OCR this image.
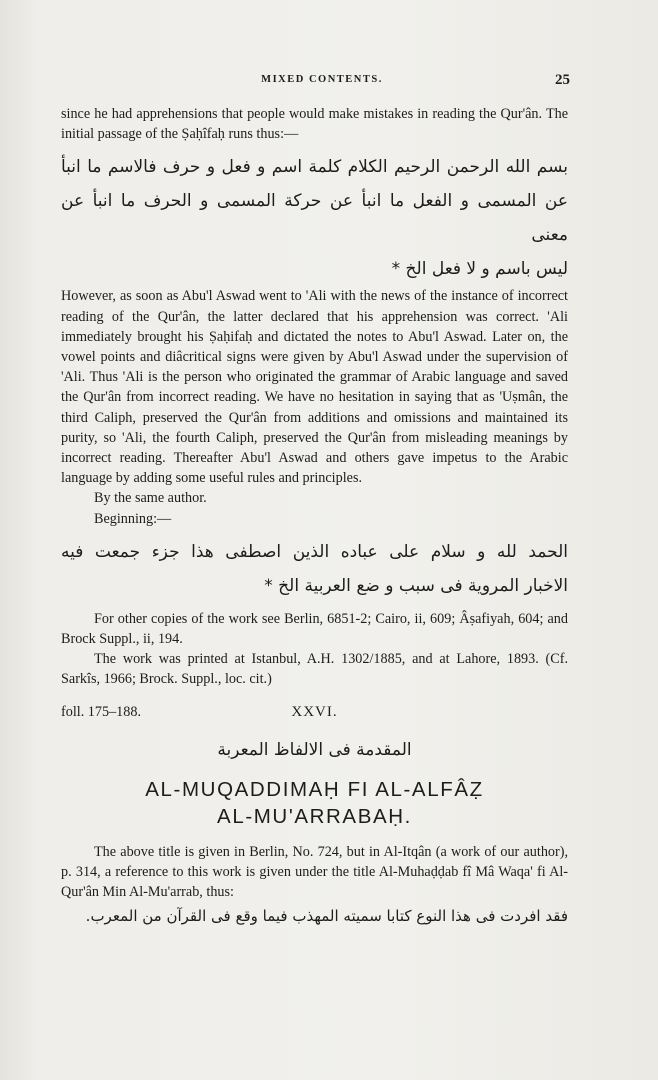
MIXED CONTENTS.	25

since he had apprehensions that people would make mistakes in reading the Qur'ân. The initial passage of the Ṣaḥîfaḥ runs thus:—

بسم الله الرحمن الرحيم الكلام كلمة اسم و فعل و حرف فالاسم ما انبأ

عن المسمى و الفعل ما انبأ عن حركة المسمى و الحرف ما انبأ عن معنى

ليس باسم و لا فعل الخ *

However, as soon as Abu'l Aswad went to 'Ali with the news of the instance of incorrect reading of the Qur'ân, the latter declared that his apprehension was correct. 'Ali immediately brought his Ṣaḥifaḥ and dictated the notes to Abu'l Aswad. Later on, the vowel points and diâcritical signs were given by Abu'l Aswad under the supervision of 'Ali. Thus 'Ali is the person who originated the grammar of Arabic language and saved the Qur'ân from incorrect reading. We have no hesitation in saying that as 'Uṣmân, the third Caliph, preserved the Qur'ân from additions and omissions and maintained its purity, so 'Ali, the fourth Caliph, preserved the Qur'ân from misleading meanings by incorrect reading. Thereafter Abu'l Aswad and others gave impetus to the Arabic language by adding some useful rules and principles.

By the same author.

Beginning:—

الحمد لله و سلام على عباده الذين اصطفى هذا جزء جمعت فيه

الاخبار المروية فى سبب و ضع العربية الخ *

For other copies of the work see Berlin, 6851-2; Cairo, ii, 609; Âṣafiyah, 604; and Brock Suppl., ii, 194.

The work was printed at Istanbul, A.H. 1302/1885, and at Lahore, 1893. (Cf. Sarkîs, 1966; Brock. Suppl., loc. cit.)

foll. 175–188.	XXVI.
المقدمة فى الالفاظ المعربة
AL-MUQADDIMAḤ FI AL-ALFÂẒ
AL-MU'ARRABAḤ.

The above title is given in Berlin, No. 724, but in Al-Itqân (a work of our author), p. 314, a reference to this work is given under the title Al-Muhaḍḍab fî Mâ Waqa' fi Al-Qur'ân Min Al-Mu'arrab, thus:

فقد افردت فى هذا النوع كتابا سميته المهذب فيما وقع فى القرآن من المعرب.
